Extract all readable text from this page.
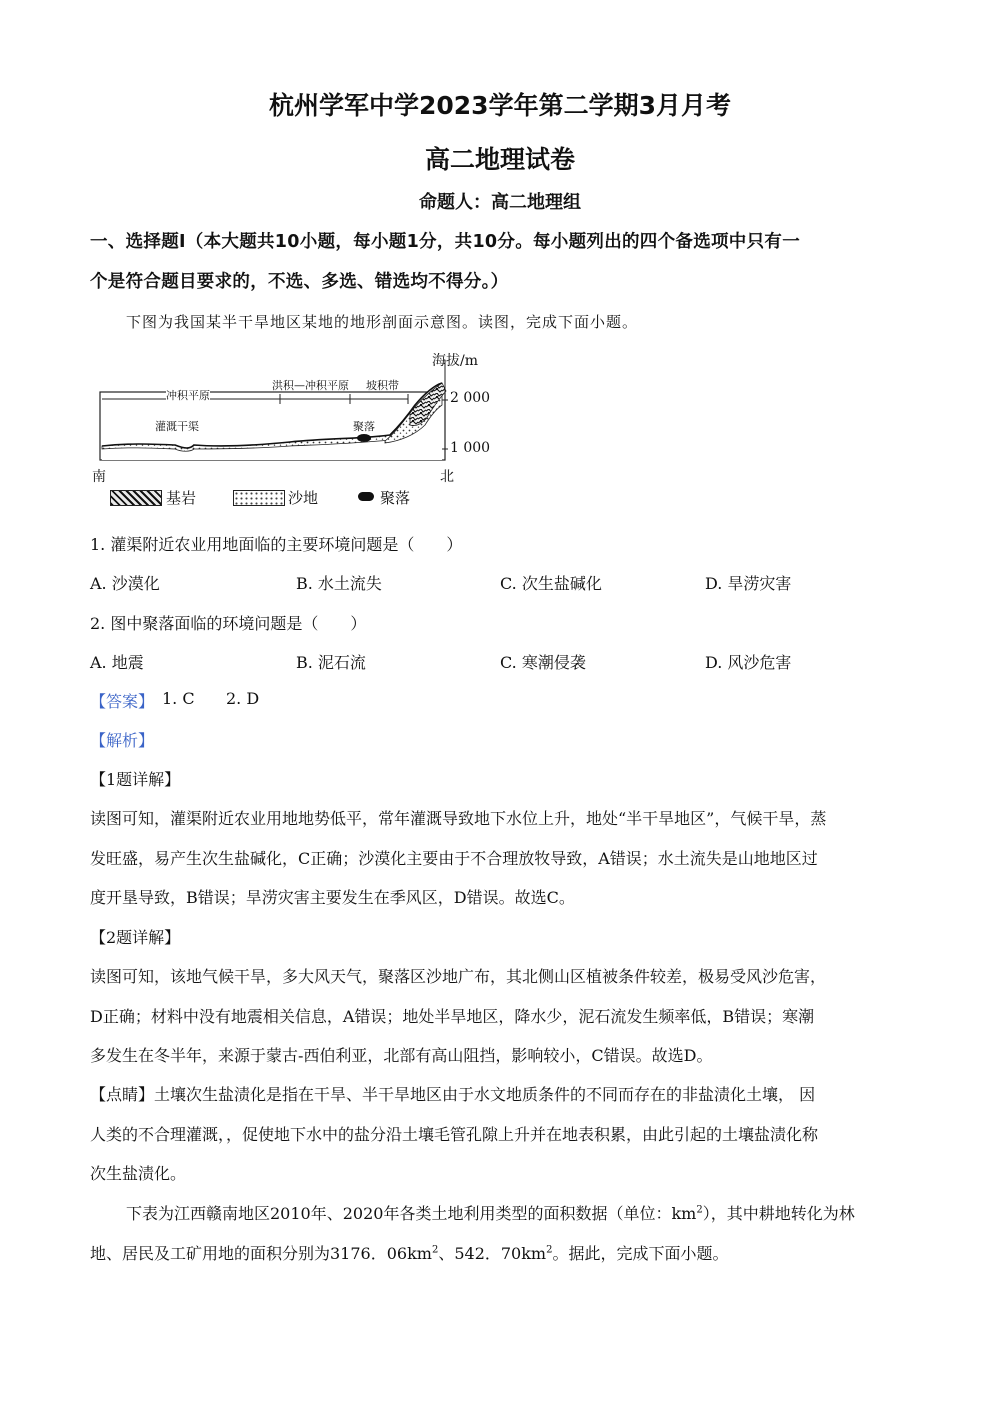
杭州学军中学2023学年第二学期3月月考
高二地理试卷
命题人：高二地理组
一、选择题Ⅰ（本大题共10小题，每小题1分，共10分。每小题列出的四个备选项中只有一
个是符合题目要求的，不选、多选、错选均不得分。）
下图为我国某半干旱地区某地的地形剖面示意图。读图，完成下面小题。
海拔/m
2 000
1 000
南	北
冲积平原
洪积—冲积平原 坡积带
灌溉干渠	聚落
基岩	沙地	聚落
1. 灌渠附近农业用地面临的主要环境问题是（　　）
A. 沙漠化	B. 水土流失	C. 次生盐碱化	D. 旱涝灾害
2. 图中聚落面临的环境问题是（　　）
A. 地震	B. 泥石流	C. 寒潮侵袭	D. 风沙危害
【答案】 1. C 2. D
【解析】
【1题详解】
读图可知，灌渠附近农业用地地势低平，常年灌溉导致地下水位上升，地处“半干旱地区”，气候干旱，蒸
发旺盛，易产生次生盐碱化，C正确；沙漠化主要由于不合理放牧导致，A错误；水土流失是山地地区过
度开垦导致，B错误；旱涝灾害主要发生在季风区，D错误。故选C。
【2题详解】
读图可知，该地气候干旱，多大风天气，聚落区沙地广布，其北侧山区植被条件较差，极易受风沙危害，
D正确；材料中没有地震相关信息，A错误；地处半旱地区，降水少，泥石流发生频率低，B错误；寒潮
多发生在冬半年，来源于蒙古-西伯利亚，北部有高山阻挡，影响较小，C错误。故选D。
【点睛】土壤次生盐渍化是指在干旱、半干旱地区由于水文地质条件的不同而存在的非盐渍化土壤， 因
人类的不合理灌溉，，促使地下水中的盐分沿土壤毛管孔隙上升并在地表积累，由此引起的土壤盐渍化称
次生盐渍化。
下表为江西赣南地区2010年、2020年各类土地利用类型的面积数据（单位：$km^2$），其中耕地转化为林
地、居民及工矿用地的面积分别为3176．$06km^2$、542．$70km^2$。据此，完成下面小题。
